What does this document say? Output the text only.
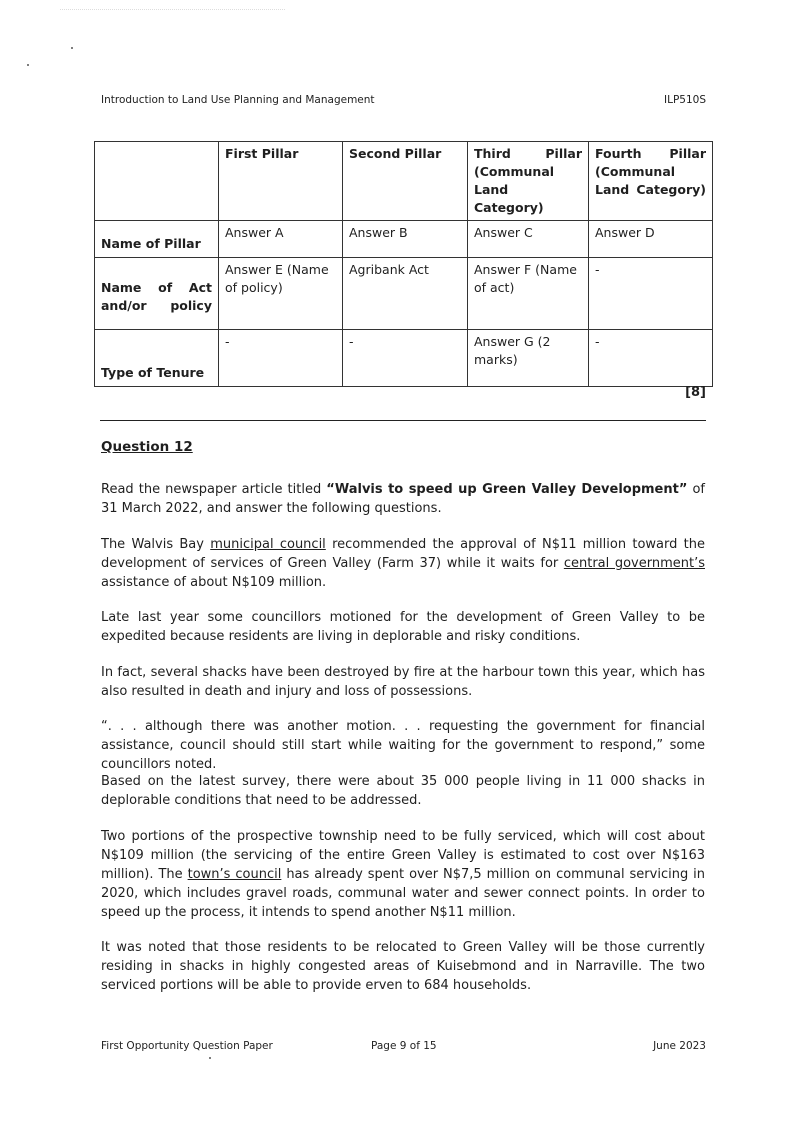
Introduction to Land Use Planning and Management	ILP510S
	First Pillar	Second Pillar	Third Pillar (Communal Land Category)	Fourth Pillar (Communal Land Category)
Name of Pillar	Answer A	Answer B	Answer C	Answer D

Name of Act and/or policy	Answer E (Name of policy)	Agribank Act	Answer F (Name of act)	-
Type of Tenure	-	-	Answer G (2 marks)	-
[8]
Question 12
Read the newspaper article titled “Walvis to speed up Green Valley Development” of 31 March 2022, and answer the following questions.
The Walvis Bay municipal council recommended the approval of N$11 million toward the development of services of Green Valley (Farm 37) while it waits for central government’s assistance of about N$109 million.
Late last year some councillors motioned for the development of Green Valley to be expedited because residents are living in deplorable and risky conditions.
In fact, several shacks have been destroyed by fire at the harbour town this year, which has also resulted in death and injury and loss of possessions.
“. . . although there was another motion. . . requesting the government for financial assistance, council should still start while waiting for the government to respond,” some councillors noted.
Based on the latest survey, there were about 35 000 people living in 11 000 shacks in deplorable conditions that need to be addressed.
Two portions of the prospective township need to be fully serviced, which will cost about N$109 million (the servicing of the entire Green Valley is estimated to cost over N$163 million). The town’s council has already spent over N$7,5 million on communal servicing in 2020, which includes gravel roads, communal water and sewer connect points. In order to speed up the process, it intends to spend another N$11 million.
It was noted that those residents to be relocated to Green Valley will be those currently residing in shacks in highly congested areas of Kuisebmond and in Narraville. The two serviced portions will be able to provide erven to 684 households.
First Opportunity Question Paper	Page 9 of 15	June 2023
